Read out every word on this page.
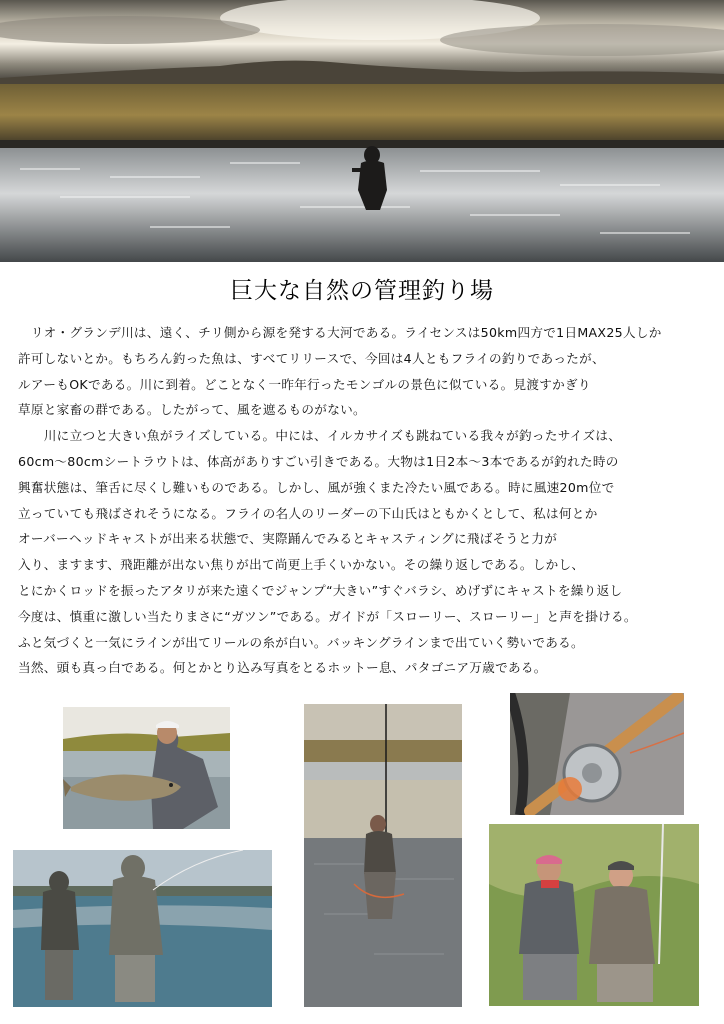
巨大な自然の管理釣り場

　リオ・グランデ川は、遠く、チリ側から源を発する大河である。ライセンスは50km四方で1日MAX25人しか

許可しないとか。もちろん釣った魚は、すべてリリースで、今回は4人ともフライの釣りであったが、

ルアーもOKである。川に到着。どことなく一昨年行ったモンゴルの景色に似ている。見渡すかぎり

草原と家畜の群である。したがって、風を遮るものがない。

　　川に立つと大きい魚がライズしている。中には、イルカサイズも跳ねている我々が釣ったサイズは、

60cm～80cmシートラウトは、体高がありすごい引きである。大物は1日2本～3本であるが釣れた時の

興奮状態は、筆舌に尽くし難いものである。しかし、風が強くまた冷たい風である。時に風速20m位で

立っていても飛ばされそうになる。フライの名人のリーダーの下山氏はともかくとして、私は何とか

オーバーヘッドキャストが出来る状態で、実際踊んでみるとキャスティングに飛ばそうと力が

入り、ますます、飛距離が出ない焦りが出て尚更上手くいかない。その繰り返しである。しかし、

とにかくロッドを振ったアタリが来た遠くでジャンプ“大きい”すぐバラシ、めげずにキャストを繰り返し

今度は、慎重に激しい当たりまさに“ガツン”である。ガイドが「スローリー、スローリー」と声を掛ける。

ふと気づくと一気にラインが出てリールの糸が白い。バッキングラインまで出ていく勢いである。

当然、頭も真っ白である。何とかとり込み写真をとるホットー息、パタゴニア万歳である。
